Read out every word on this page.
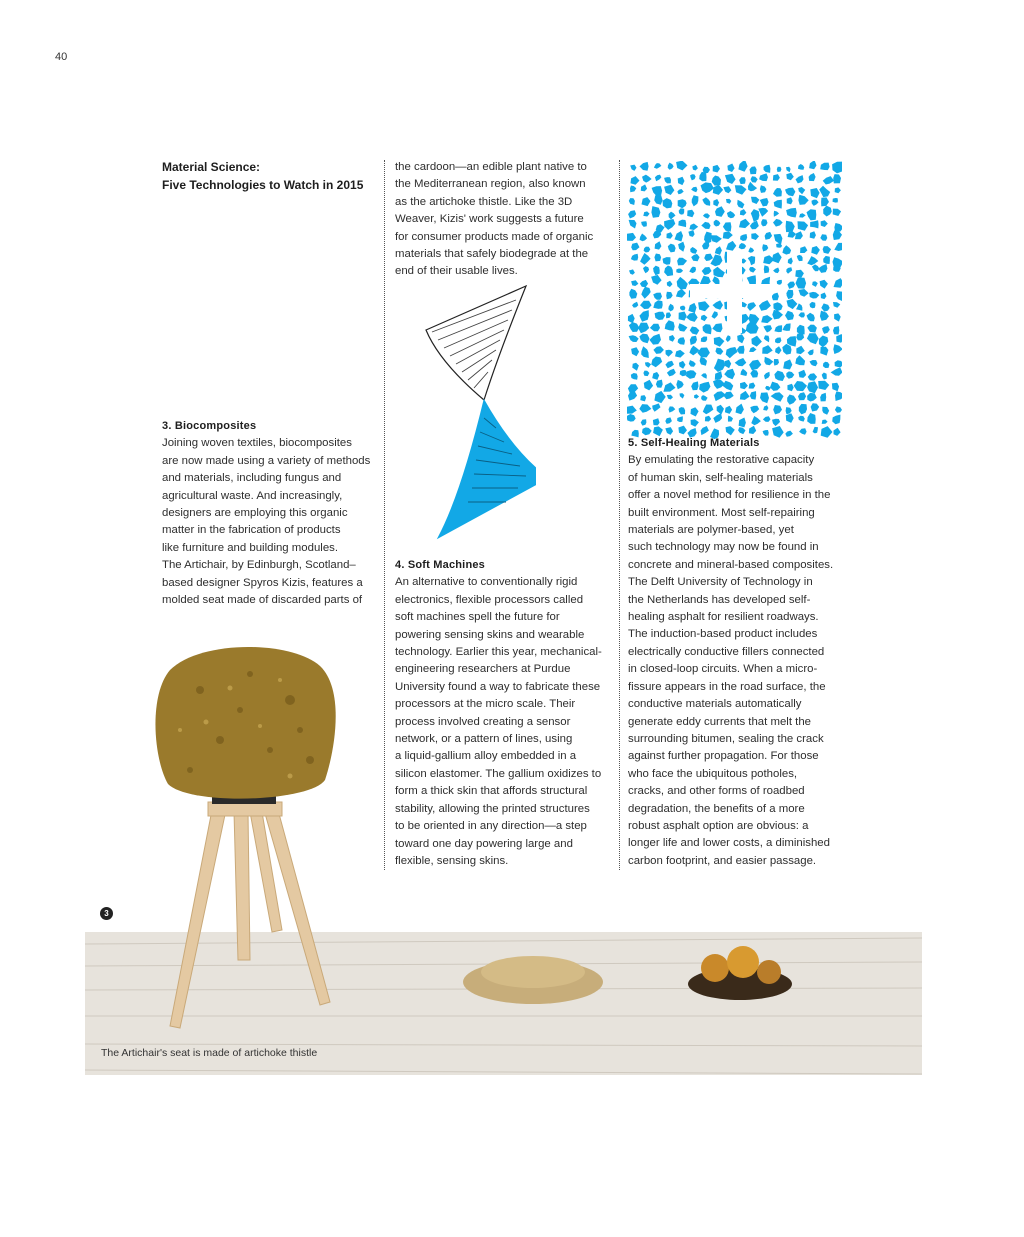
40

Material Science:

Five Technologies to Watch in 2015

3. Biocomposites

Joining woven textiles, biocomposites

are now made using a variety of methods

and materials, including fungus and

agricultural waste. And increasingly,

designers are employing this organic

matter in the fabrication of products

like furniture and building modules.

The Artichair, by Edinburgh, Scotland–

based designer Spyros Kizis, features a

molded seat made of discarded parts of

the cardoon—an edible plant native to

the Mediterranean region, also known

as the artichoke thistle. Like the 3D

Weaver, Kizis' work suggests a future

for consumer products made of organic

materials that safely biodegrade at the

end of their usable lives.

4. Soft Machines

An alternative to conventionally rigid

electronics, flexible processors called

soft machines spell the future for

powering sensing skins and wearable

technology. Earlier this year, mechanical-

engineering researchers at Purdue

University found a way to fabricate these

processors at the micro scale. Their

process involved creating a sensor

network, or a pattern of lines, using

a liquid-gallium alloy embedded in a

silicon elastomer. The gallium oxidizes to

form a thick skin that affords structural

stability, allowing the printed structures

to be oriented in any direction—a step

toward one day powering large and

flexible, sensing skins.

5. Self-Healing Materials

By emulating the restorative capacity

of human skin, self-healing materials

offer a novel method for resilience in the

built environment. Most self-repairing

materials are polymer-based, yet

such technology may now be found in

concrete and mineral-based composites.

The Delft University of Technology in

the Netherlands has developed self-

healing asphalt for resilient roadways.

The induction-based product includes

electrically conductive fillers connected

in closed-loop circuits. When a micro-

fissure appears in the road surface, the

conductive materials automatically

generate eddy currents that melt the

surrounding bitumen, sealing the crack

against further propagation. For those

who face the ubiquitous potholes,

cracks, and other forms of roadbed

degradation, the benefits of a more

robust asphalt option are obvious: a

longer life and lower costs, a diminished

carbon footprint, and easier passage.

3
The Artichair's seat is made of artichoke thistle
